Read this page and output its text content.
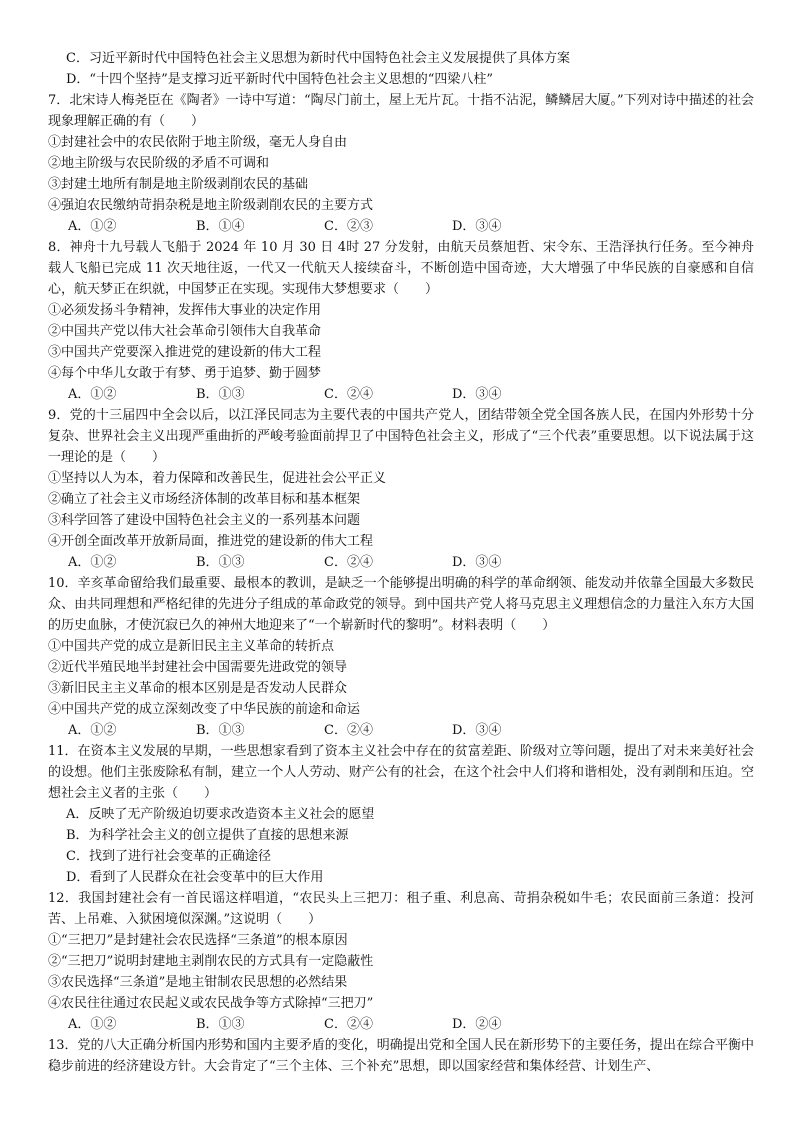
C．习近平新时代中国特色社会主义思想为新时代中国特色社会主义发展提供了具体方案
D．“十四个坚持”是支撑习近平新时代中国特色社会主义思想的“四梁八柱”
7．北宋诗人梅尧臣在《陶者》一诗中写道：“陶尽门前土，屋上无片瓦。十指不沾泥，鳞鳞居大厦。”下列对诗中描述的社会现象理解正确的有（　　）
①封建社会中的农民依附于地主阶级，毫无人身自由
②地主阶级与农民阶级的矛盾不可调和
③封建土地所有制是地主阶级剥削农民的基础
④强迫农民缴纳苛捐杂税是地主阶级剥削农民的主要方式
A．①②	B．①④	C．②③	D．③④
8．神舟十九号载人飞船于 2024 年 10 月 30 日 4时 27 分发射，由航天员蔡旭哲、宋令东、王浩泽执行任务。至今神舟载人飞船已完成 11 次天地往返，一代又一代航天人接续奋斗，不断创造中国奇迹，大大增强了中华民族的自豪感和自信心，航天梦正在织就，中国梦正在实现。实现伟大梦想要求（　　）
①必须发扬斗争精神，发挥伟大事业的决定作用
②中国共产党以伟大社会革命引领伟大自我革命
③中国共产党要深入推进党的建设新的伟大工程
④每个中华儿女敢于有梦、勇于追梦、勤于圆梦
A．①②	B．①③	C．②④	D．③④
9．党的十三届四中全会以后，以江泽民同志为主要代表的中国共产党人，团结带领全党全国各族人民，在国内外形势十分复杂、世界社会主义出现严重曲折的严峻考验面前捍卫了中国特色社会主义，形成了“三个代表”重要思想。以下说法属于这一理论的是（　　）
①坚持以人为本，着力保障和改善民生，促进社会公平正义
②确立了社会主义市场经济体制的改革目标和基本框架
③科学回答了建设中国特色社会主义的一系列基本问题
④开创全面改革开放新局面，推进党的建设新的伟大工程
A．①②	B．①③	C．②④	D．③④
10．辛亥革命留给我们最重要、最根本的教训，是缺乏一个能够提出明确的科学的革命纲领、能发动并依靠全国最大多数民众、由共同理想和严格纪律的先进分子组成的革命政党的领导。到中国共产党人将马克思主义理想信念的力量注入东方大国的历史血脉，才使沉寂已久的神州大地迎来了“一个崭新时代的黎明”。材料表明（　　）
①中国共产党的成立是新旧民主主义革命的转折点
②近代半殖民地半封建社会中国需要先进政党的领导
③新旧民主主义革命的根本区别是是否发动人民群众
④中国共产党的成立深刻改变了中华民族的前途和命运
A．①②	B．①③	C．②④	D．③④
11．在资本主义发展的早期，一些思想家看到了资本主义社会中存在的贫富差距、阶级对立等问题，提出了对未来美好社会的设想。他们主张废除私有制，建立一个人人劳动、财产公有的社会，在这个社会中人们将和谐相处，没有剥削和压迫。空想社会主义者的主张（　　）
A．反映了无产阶级迫切要求改造资本主义社会的愿望
B．为科学社会主义的创立提供了直接的思想来源
C．找到了进行社会变革的正确途径
D．看到了人民群众在社会变革中的巨大作用
12．我国封建社会有一首民谣这样唱道，“农民头上三把刀：租子重、利息高、苛捐杂税如牛毛；农民面前三条道：投河苦、上吊难、入狱困境似深渊。”这说明（　　）
①“三把刀”是封建社会农民选择“三条道”的根本原因
②“三把刀”说明封建地主剥削农民的方式具有一定隐蔽性
③农民选择“三条道”是地主钳制农民思想的必然结果
④农民往往通过农民起义或农民战争等方式除掉“三把刀”
A．①②	B．①③	C．②④	D．②④
13．党的八大正确分析国内形势和国内主要矛盾的变化，明确提出党和全国人民在新形势下的主要任务，提出在综合平衡中稳步前进的经济建设方针。大会肯定了“三个主体、三个补充”思想，即以国家经营和集体经营、计划生产、
